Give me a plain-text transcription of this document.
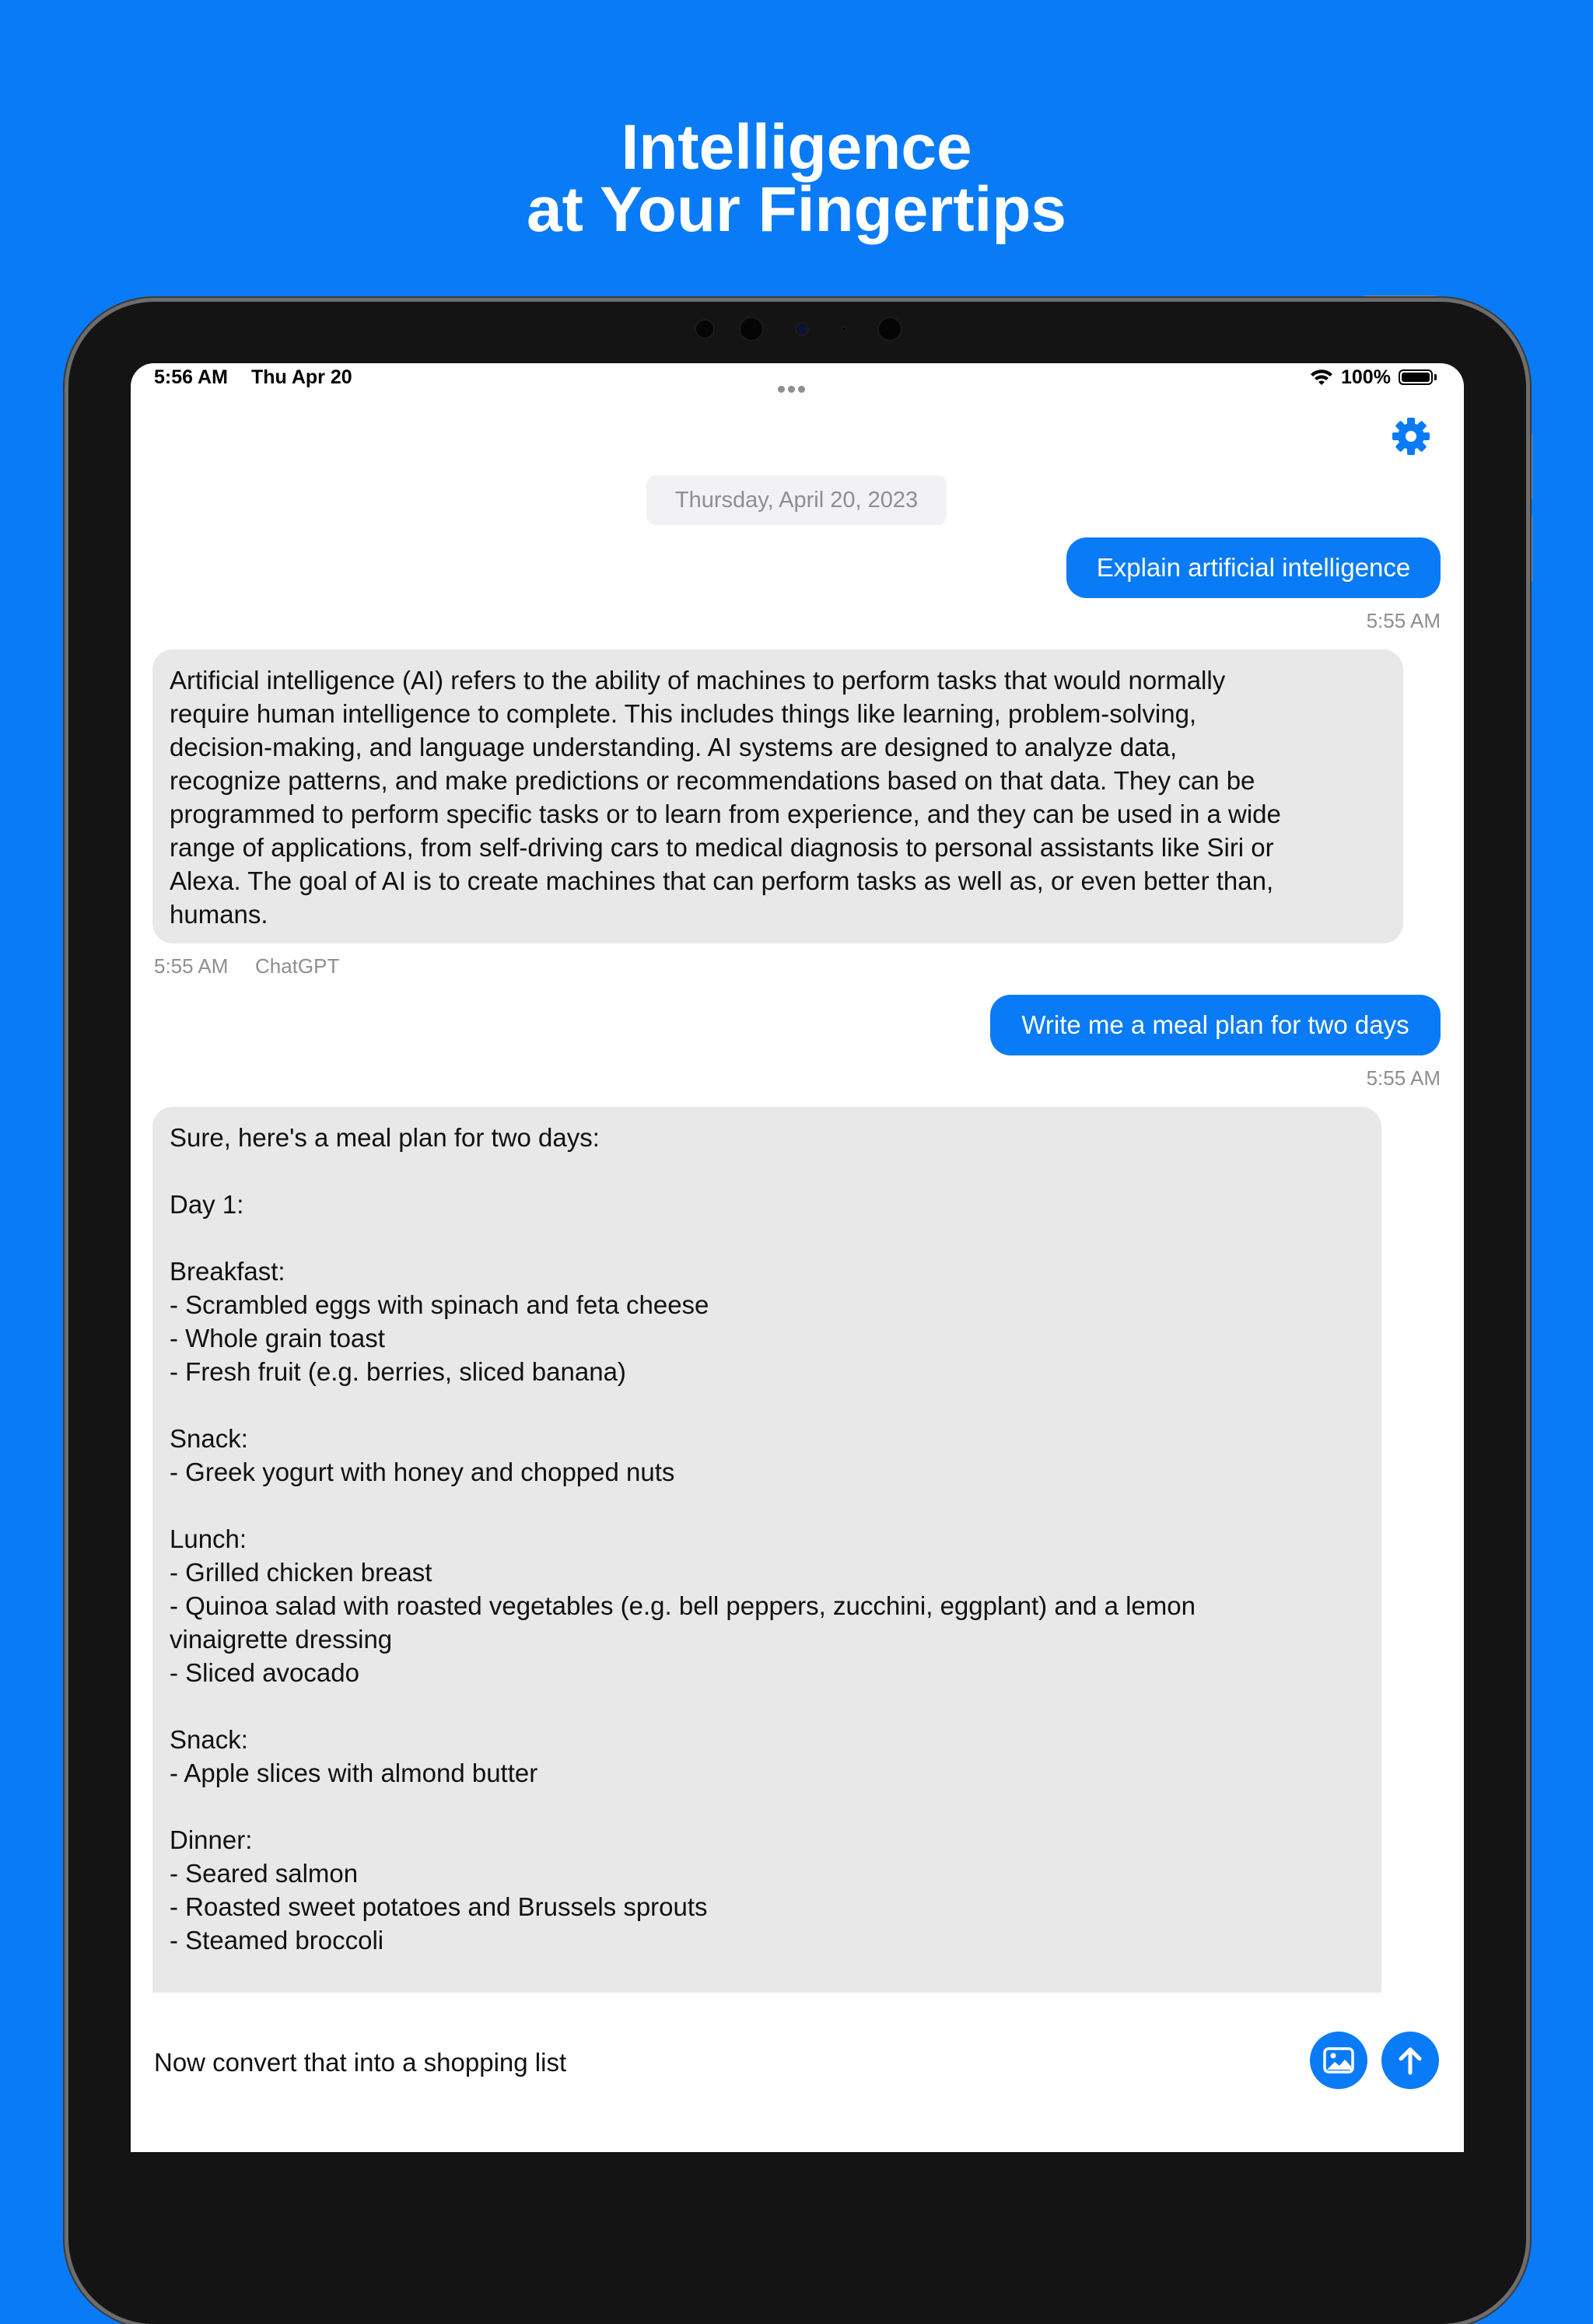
Intelligence
at Your Fingertips
5:56 AM Thu Apr 20	100%
Thursday, April 20, 2023
Explain artificial intelligence
5:55 AM

Artificial intelligence (AI) refers to the ability of machines to perform tasks that would normally

require human intelligence to complete. This includes things like learning, problem-solving,

decision-making, and language understanding. AI systems are designed to analyze data,

recognize patterns, and make predictions or recommendations based on that data. They can be

programmed to perform specific tasks or to learn from experience, and they can be used in a wide

range of applications, from self-driving cars to medical diagnosis to personal assistants like Siri or

Alexa. The goal of AI is to create machines that can perform tasks as well as, or even better than,

humans.

5:55 AM ChatGPT
Write me a meal plan for two days
5:55 AM

Sure, here's a meal plan for two days:

Day 1:

Breakfast:

- Scrambled eggs with spinach and feta cheese

- Whole grain toast

- Fresh fruit (e.g. berries, sliced banana)

Snack:

- Greek yogurt with honey and chopped nuts

Lunch:

- Grilled chicken breast

- Quinoa salad with roasted vegetables (e.g. bell peppers, zucchini, eggplant) and a lemon

vinaigrette dressing

- Sliced avocado

Snack:

- Apple slices with almond butter

Dinner:

- Seared salmon

- Roasted sweet potatoes and Brussels sprouts

- Steamed broccoli

Now convert that into a shopping list
